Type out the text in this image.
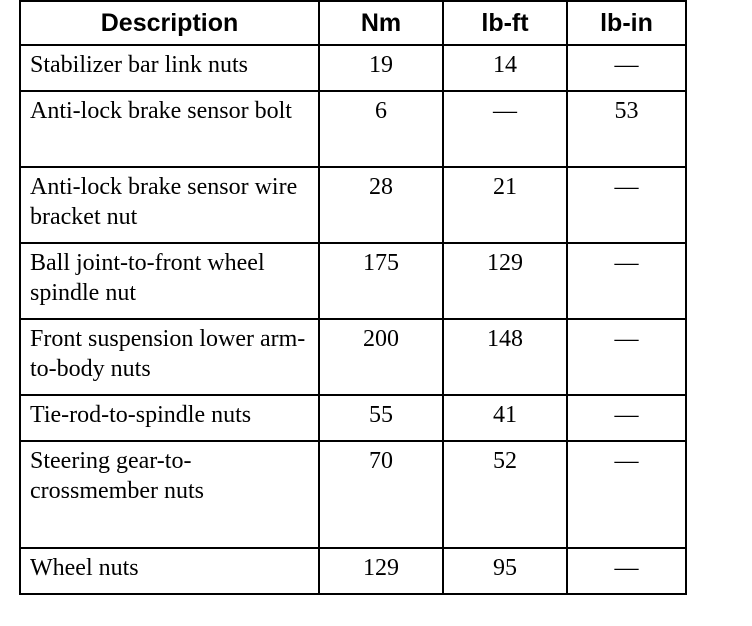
Description	Nm	lb-ft	lb-in
Stabilizer bar link nuts	19	14	—
Anti-lock brake sensor bolt	6	—	53
Anti-lock brake sensor wire bracket nut	28	21	—
Ball joint-to-front wheel spindle nut	175	129	—
Front suspension lower arm-to-body nuts	200	148	—
Tie-rod-to-spindle nuts	55	41	—
Steering gear-to-crossmember nuts	70	52	—
Wheel nuts	129	95	—
